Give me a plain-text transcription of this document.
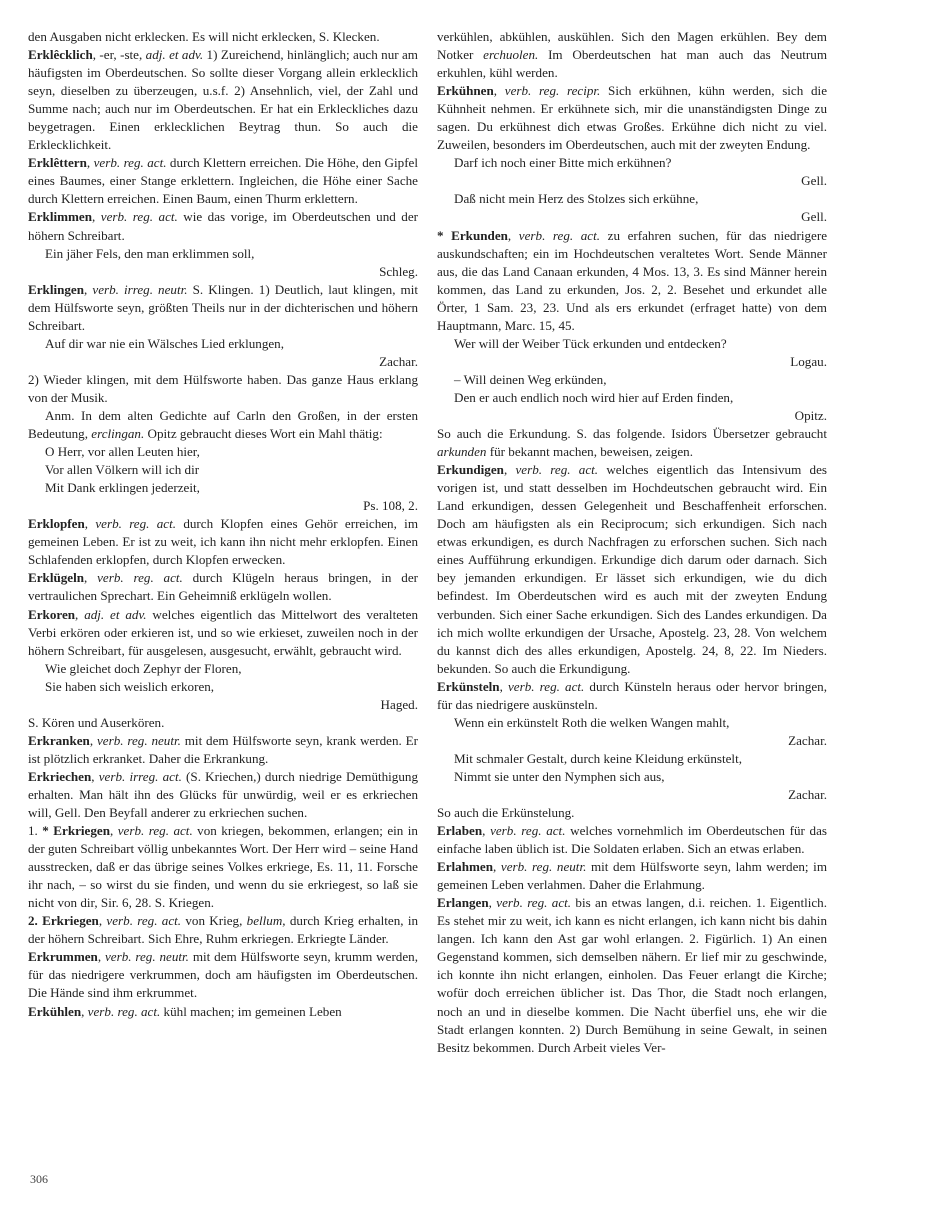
den Ausgaben nicht erklecken. Es will nicht erklecken, S. Klecken.

Erklêcklich, -er, -ste, adj. et adv. 1) Zureichend, hinlänglich; auch nur am häufigsten im Oberdeutschen. So sollte dieser Vorgang allein erklecklich seyn, dieselben zu überzeugen, u.s.f. 2) Ansehnlich, viel, der Zahl und Summe nach; auch nur im Oberdeutschen. Er hat ein Erkleckliches dazu beygetragen. Einen erklecklichen Beytrag thun. So auch die Erklecklichkeit.

Erklêttern, verb. reg. act. durch Klettern erreichen. Die Höhe, den Gipfel eines Baumes, einer Stange erklettern. Ingleichen, die Höhe einer Sache durch Klettern erreichen. Einen Baum, einen Thurm erklettern.

Erklimmen, verb. reg. act. wie das vorige, im Oberdeutschen und der höhern Schreibart.

Ein jäher Fels, den man erklimmen soll,
Schleg.

Erklingen, verb. irreg. neutr. S. Klingen. 1) Deutlich, laut klingen, mit dem Hülfsworte seyn, größten Theils nur in der dichterischen und höhern Schreibart.

Auf dir war nie ein Wälsches Lied erklungen,
Zachar.

2) Wieder klingen, mit dem Hülfsworte haben. Das ganze Haus erklang von der Musik.

Anm. In dem alten Gedichte auf Carln den Großen, in der ersten Bedeutung, erclingan. Opitz gebraucht dieses Wort ein Mahl thätig:

O Herr, vor allen Leuten hier,
Vor allen Völkern will ich dir
Mit Dank erklingen jederzeit,
Ps. 108, 2.

Erklopfen, verb. reg. act. durch Klopfen eines Gehör erreichen, im gemeinen Leben. Er ist zu weit, ich kann ihn nicht mehr erklopfen. Einen Schlafenden erklopfen, durch Klopfen erwecken.

Erklügeln, verb. reg. act. durch Klügeln heraus bringen, in der vertraulichen Sprechart. Ein Geheimniß erklügeln wollen.

Erkoren, adj. et adv. welches eigentlich das Mittelwort des veralteten Verbi erkören oder erkieren ist, und so wie erkieset, zuweilen noch in der höhern Schreibart, für ausgelesen, ausgesucht, erwählt, gebraucht wird.

Wie gleichet doch Zephyr der Floren,
Sie haben sich weislich erkoren,
Haged.

S. Kören und Auserkören.

Erkranken, verb. reg. neutr. mit dem Hülfsworte seyn, krank werden. Er ist plötzlich erkranket. Daher die Erkrankung.

Erkriechen, verb. irreg. act. (S. Kriechen,) durch niedrige Demüthigung erhalten. Man hält ihn des Glücks für unwürdig, weil er es erkriechen will, Gell. Den Beyfall anderer zu erkriechen suchen.

1. * Erkriegen, verb. reg. act. von kriegen, bekommen, erlangen; ein in der guten Schreibart völlig unbekanntes Wort. Der Herr wird – seine Hand ausstrecken, daß er das übrige seines Volkes erkriege, Es. 11, 11. Forsche ihr nach, – so wirst du sie finden, und wenn du sie erkriegest, so laß sie nicht von dir, Sir. 6, 28. S. Kriegen.

2. Erkriegen, verb. reg. act. von Krieg, bellum, durch Krieg erhalten, in der höhern Schreibart. Sich Ehre, Ruhm erkriegen. Erkriegte Länder.

Erkrummen, verb. reg. neutr. mit dem Hülfsworte seyn, krumm werden, für das niedrigere verkrummen, doch am häufigsten im Oberdeutschen. Die Hände sind ihm erkrummet.

Erkühlen, verb. reg. act. kühl machen; im gemeinen Leben

verkühlen, abkühlen, auskühlen. Sich den Magen erkühlen. Bey dem Notker erchuolen. Im Oberdeutschen hat man auch das Neutrum erkuhlen, kühl werden.

Erkühnen, verb. reg. recipr. Sich erkühnen, kühn werden, sich die Kühnheit nehmen. Er erkühnete sich, mir die unanständigsten Dinge zu sagen. Du erkühnest dich etwas Großes. Erkühne dich nicht zu viel. Zuweilen, besonders im Oberdeutschen, auch mit der zweyten Endung.

Darf ich noch einer Bitte mich erkühnen?
Gell.
Daß nicht mein Herz des Stolzes sich erkühne,
Gell.

* Erkunden, verb. reg. act. zu erfahren suchen, für das niedrigere auskundschaften; ein im Hochdeutschen veraltetes Wort. Sende Männer aus, die das Land Canaan erkunden, 4 Mos. 13, 3. Es sind Männer herein kommen, das Land zu erkunden, Jos. 2, 2. Besehet und erkundet alle Örter, 1 Sam. 23, 23. Und als ers erkundet (erfraget hatte) von dem Hauptmann, Marc. 15, 45.

Wer will der Weiber Tück erkunden und entdecken?
Logau.
– Will deinen Weg erkünden,
Den er auch endlich noch wird hier auf Erden finden,
Opitz.

So auch die Erkundung. S. das folgende. Isidors Übersetzer gebraucht arkunden für bekannt machen, beweisen, zeigen.

Erkundigen, verb. reg. act. welches eigentlich das Intensivum des vorigen ist, und statt desselben im Hochdeutschen gebraucht wird. Ein Land erkundigen, dessen Gelegenheit und Beschaffenheit erforschen. Doch am häufigsten als ein Reciprocum; sich erkundigen. Sich nach etwas erkundigen, es durch Nachfragen zu erforschen suchen. Sich nach eines Aufführung erkundigen. Erkundige dich darum oder darnach. Sich bey jemanden erkundigen. Er lässet sich erkundigen, wie du dich befindest. Im Oberdeutschen wird es auch mit der zweyten Endung verbunden. Sich einer Sache erkundigen. Sich des Landes erkundigen. Da ich mich wollte erkundigen der Ursache, Apostelg. 23, 28. Von welchem du kannst dich des alles erkundigen, Apostelg. 24, 8, 22. Im Nieders. bekunden. So auch die Erkundigung.

Erkünsteln, verb. reg. act. durch Künsteln heraus oder hervor bringen, für das niedrigere auskünsteln.

Wenn ein erkünstelt Roth die welken Wangen mahlt,
Zachar.
Mit schmaler Gestalt, durch keine Kleidung erkünstelt,
Nimmt sie unter den Nymphen sich aus,
Zachar.

So auch die Erkünstelung.

Erlaben, verb. reg. act. welches vornehmlich im Oberdeutschen für das einfache laben üblich ist. Die Soldaten erlaben. Sich an etwas erlaben.

Erlahmen, verb. reg. neutr. mit dem Hülfsworte seyn, lahm werden; im gemeinen Leben verlahmen. Daher die Erlahmung.

Erlangen, verb. reg. act. bis an etwas langen, d.i. reichen. 1. Eigentlich. Es stehet mir zu weit, ich kann es nicht erlangen, ich kann nicht bis dahin langen. Ich kann den Ast gar wohl erlangen. 2. Figürlich. 1) An einen Gegenstand kommen, sich demselben nähern. Er lief mir zu geschwinde, ich konnte ihn nicht erlangen, einholen. Das Feuer erlangt die Kirche; wofür doch erreichen üblicher ist. Das Thor, die Stadt noch erlangen, noch an und in dieselbe kommen. Die Nacht überfiel uns, ehe wir die Stadt erlangen konnten. 2) Durch Bemühung in seine Gewalt, in seinen Besitz bekommen. Durch Arbeit vieles Ver-

306
